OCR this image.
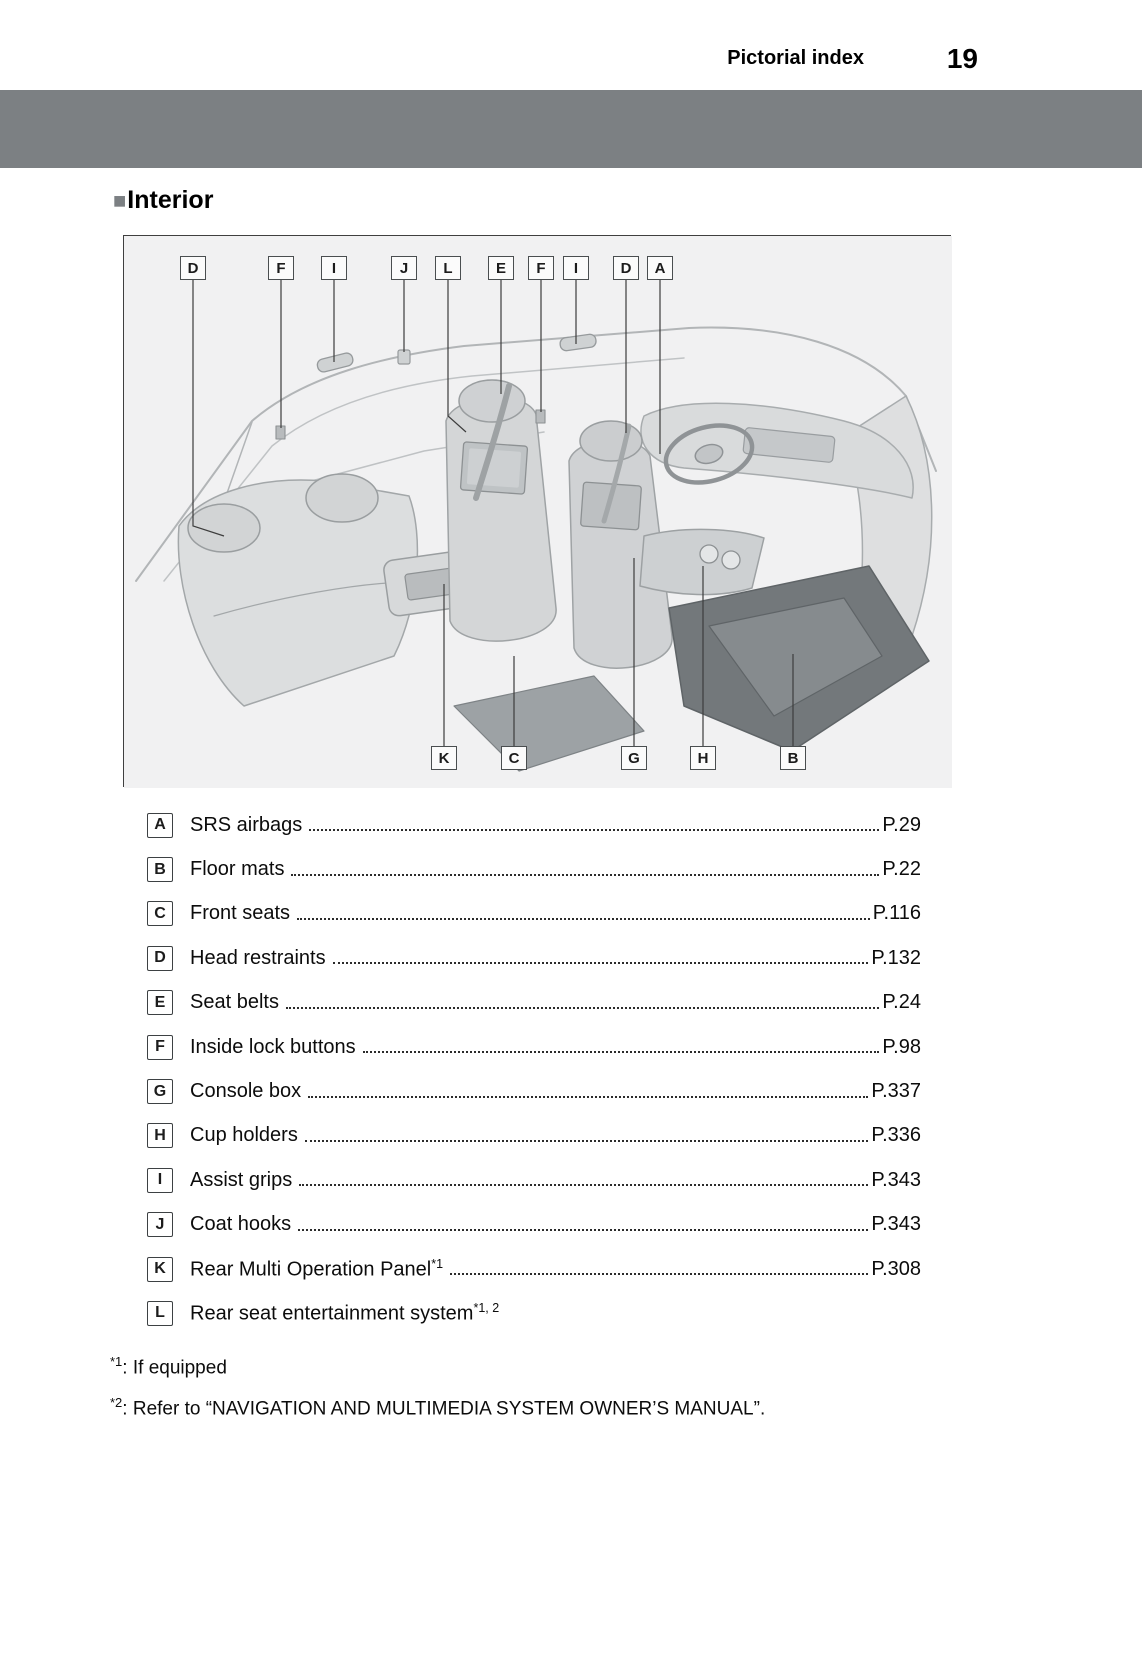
Pictorial index	19
■ Interior
D	F	I	J	L	E	F	I	D	A
K	C	G	H	B
A	SRS airbags	P.29
B	Floor mats	P.22
C	Front seats	P.116
D	Head restraints	P.132
E	Seat belts	P.24
F	Inside lock buttons	P.98
G	Console box	P.337
H	Cup holders	P.336
I	Assist grips	P.343
J	Coat hooks	P.343
K	Rear Multi Operation Panel$^{*1}$	P.308
L	Rear seat entertainment system$^{*1, 2}$

$^{*1}$: If equipped

$^{*2}$: Refer to “NAVIGATION AND MULTIMEDIA SYSTEM OWNER’S MANUAL”.
